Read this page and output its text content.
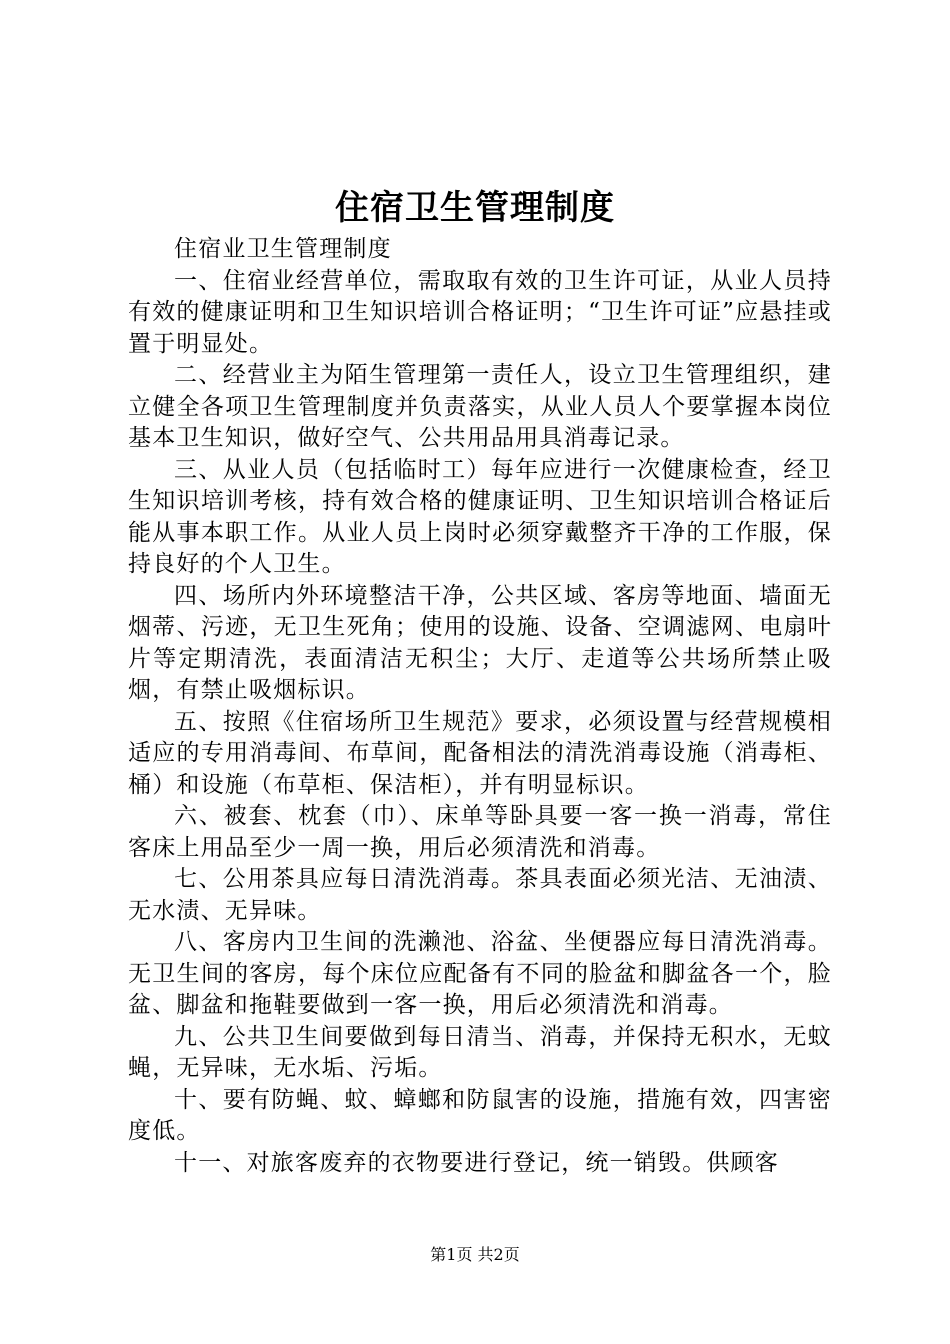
住宿卫生管理制度

住宿业卫生管理制度

一、住宿业经营单位，需取取有效的卫生许可证，从业人员持有效的健康证明和卫生知识培训合格证明；“卫生许可证”应悬挂或置于明显处。

二、经营业主为陌生管理第一责任人，设立卫生管理组织，建立健全各项卫生管理制度并负责落实，从业人员人个要掌握本岗位基本卫生知识，做好空气、公共用品用具消毒记录。

三、从业人员（包括临时工）每年应进行一次健康检查，经卫生知识培训考核，持有效合格的健康证明、卫生知识培训合格证后能从事本职工作。从业人员上岗时必须穿戴整齐干净的工作服，保持良好的个人卫生。

四、场所内外环境整洁干净，公共区域、客房等地面、墙面无烟蒂、污迹，无卫生死角；使用的设施、设备、空调滤网、电扇叶片等定期清洗，表面清洁无积尘；大厅、走道等公共场所禁止吸烟，有禁止吸烟标识。

五、按照《住宿场所卫生规范》要求，必须设置与经营规模相适应的专用消毒间、布草间，配备相法的清洗消毒设施（消毒柜、桶）和设施（布草柜、保洁柜），并有明显标识。

六、被套、枕套（巾）、床单等卧具要一客一换一消毒，常住客床上用品至少一周一换，用后必须清洗和消毒。

七、公用茶具应每日清洗消毒。茶具表面必须光洁、无油渍、无水渍、无异味。

八、客房内卫生间的洗濑池、浴盆、坐便器应每日清洗消毒。无卫生间的客房，每个床位应配备有不同的脸盆和脚盆各一个，脸盆、脚盆和拖鞋要做到一客一换，用后必须清洗和消毒。

九、公共卫生间要做到每日清当、消毒，并保持无积水，无蚊蝇，无异味，无水垢、污垢。

十、要有防蝇、蚊、蟑螂和防鼠害的设施，措施有效，四害密度低。

十一、对旅客废弃的衣物要进行登记，统一销毁。供顾客

第1页 共2页
